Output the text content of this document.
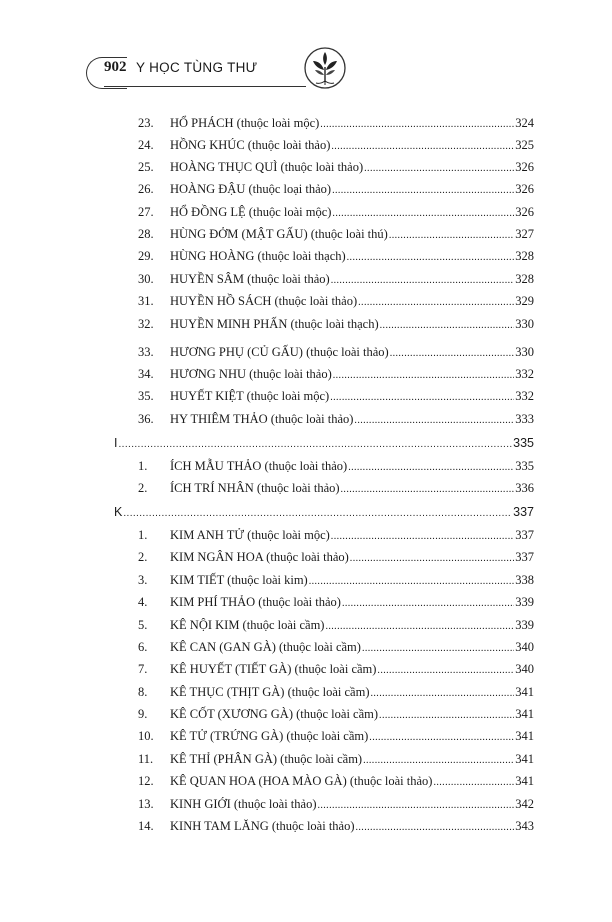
902 Y HỌC TÙNG THƯ
23.	HỔ PHÁCH (thuộc loài mộc) .....	324
24.	HỒNG KHÚC (thuộc loài thảo) .....	325
25.	HOÀNG THỤC QUÌ (thuộc loài thảo) .....	326
26.	HOÀNG ĐẬU (thuộc loại thảo) .....	326
27.	HỔ ĐỒNG LỆ (thuộc loài mộc) .....	326
28.	HÙNG ĐỞM (MẬT GẤU) (thuộc loài thú) .....	327
29.	HÙNG HOÀNG (thuộc loài thạch) .....	328
30.	HUYỀN SÂM (thuộc loài thảo) .....	328
31.	HUYỀN HỒ SÁCH (thuộc loài thảo) .....	329
32.	HUYỀN MINH PHẤN (thuộc loài thạch) .....	330
33.	HƯƠNG PHỤ (CỦ GẤU) (thuộc loài thảo) .....	330
34.	HƯƠNG NHU (thuộc loài thảo) .....	332
35.	HUYẾT KIỆT (thuộc loài mộc) .....	332
36.	HY THIÊM THẢO (thuộc loài thảo) .....	333
I .....	335
1.	ÍCH MẪU THẢO (thuộc loài thảo) .....	335
2.	ÍCH TRÍ NHÂN (thuộc loài thảo) .....	336
K .....	337
1.	KIM ANH TỬ (thuộc loài mộc) .....	337
2.	KIM NGÂN HOA (thuộc loài thảo) .....	337
3.	KIM TIẾT (thuộc loài kim) .....	338
4.	KIM PHÍ THẢO (thuộc loài thảo) .....	339
5.	KÊ NỘI KIM (thuộc loài cầm) .....	339
6.	KÊ CAN (GAN GÀ) (thuộc loài cầm) .....	340
7.	KÊ HUYẾT (TIẾT GÀ) (thuộc loài cầm) .....	340
8.	KÊ THỤC (THỊT GÀ) (thuộc loài cầm) .....	341
9.	KÊ CỐT (XƯƠNG GÀ) (thuộc loài cầm) .....	341
10.	KÊ TỬ (TRỨNG GÀ) (thuộc loài cầm) .....	341
11.	KÊ THỈ (PHÂN GÀ) (thuộc loài cầm) .....	341
12.	KÊ QUAN HOA (HOA MÀO GÀ) (thuộc loài thảo) .....	341
13.	KINH GIỚI (thuộc loài thảo) .....	342
14.	KINH TAM LĂNG (thuộc loài thảo) .....	343
